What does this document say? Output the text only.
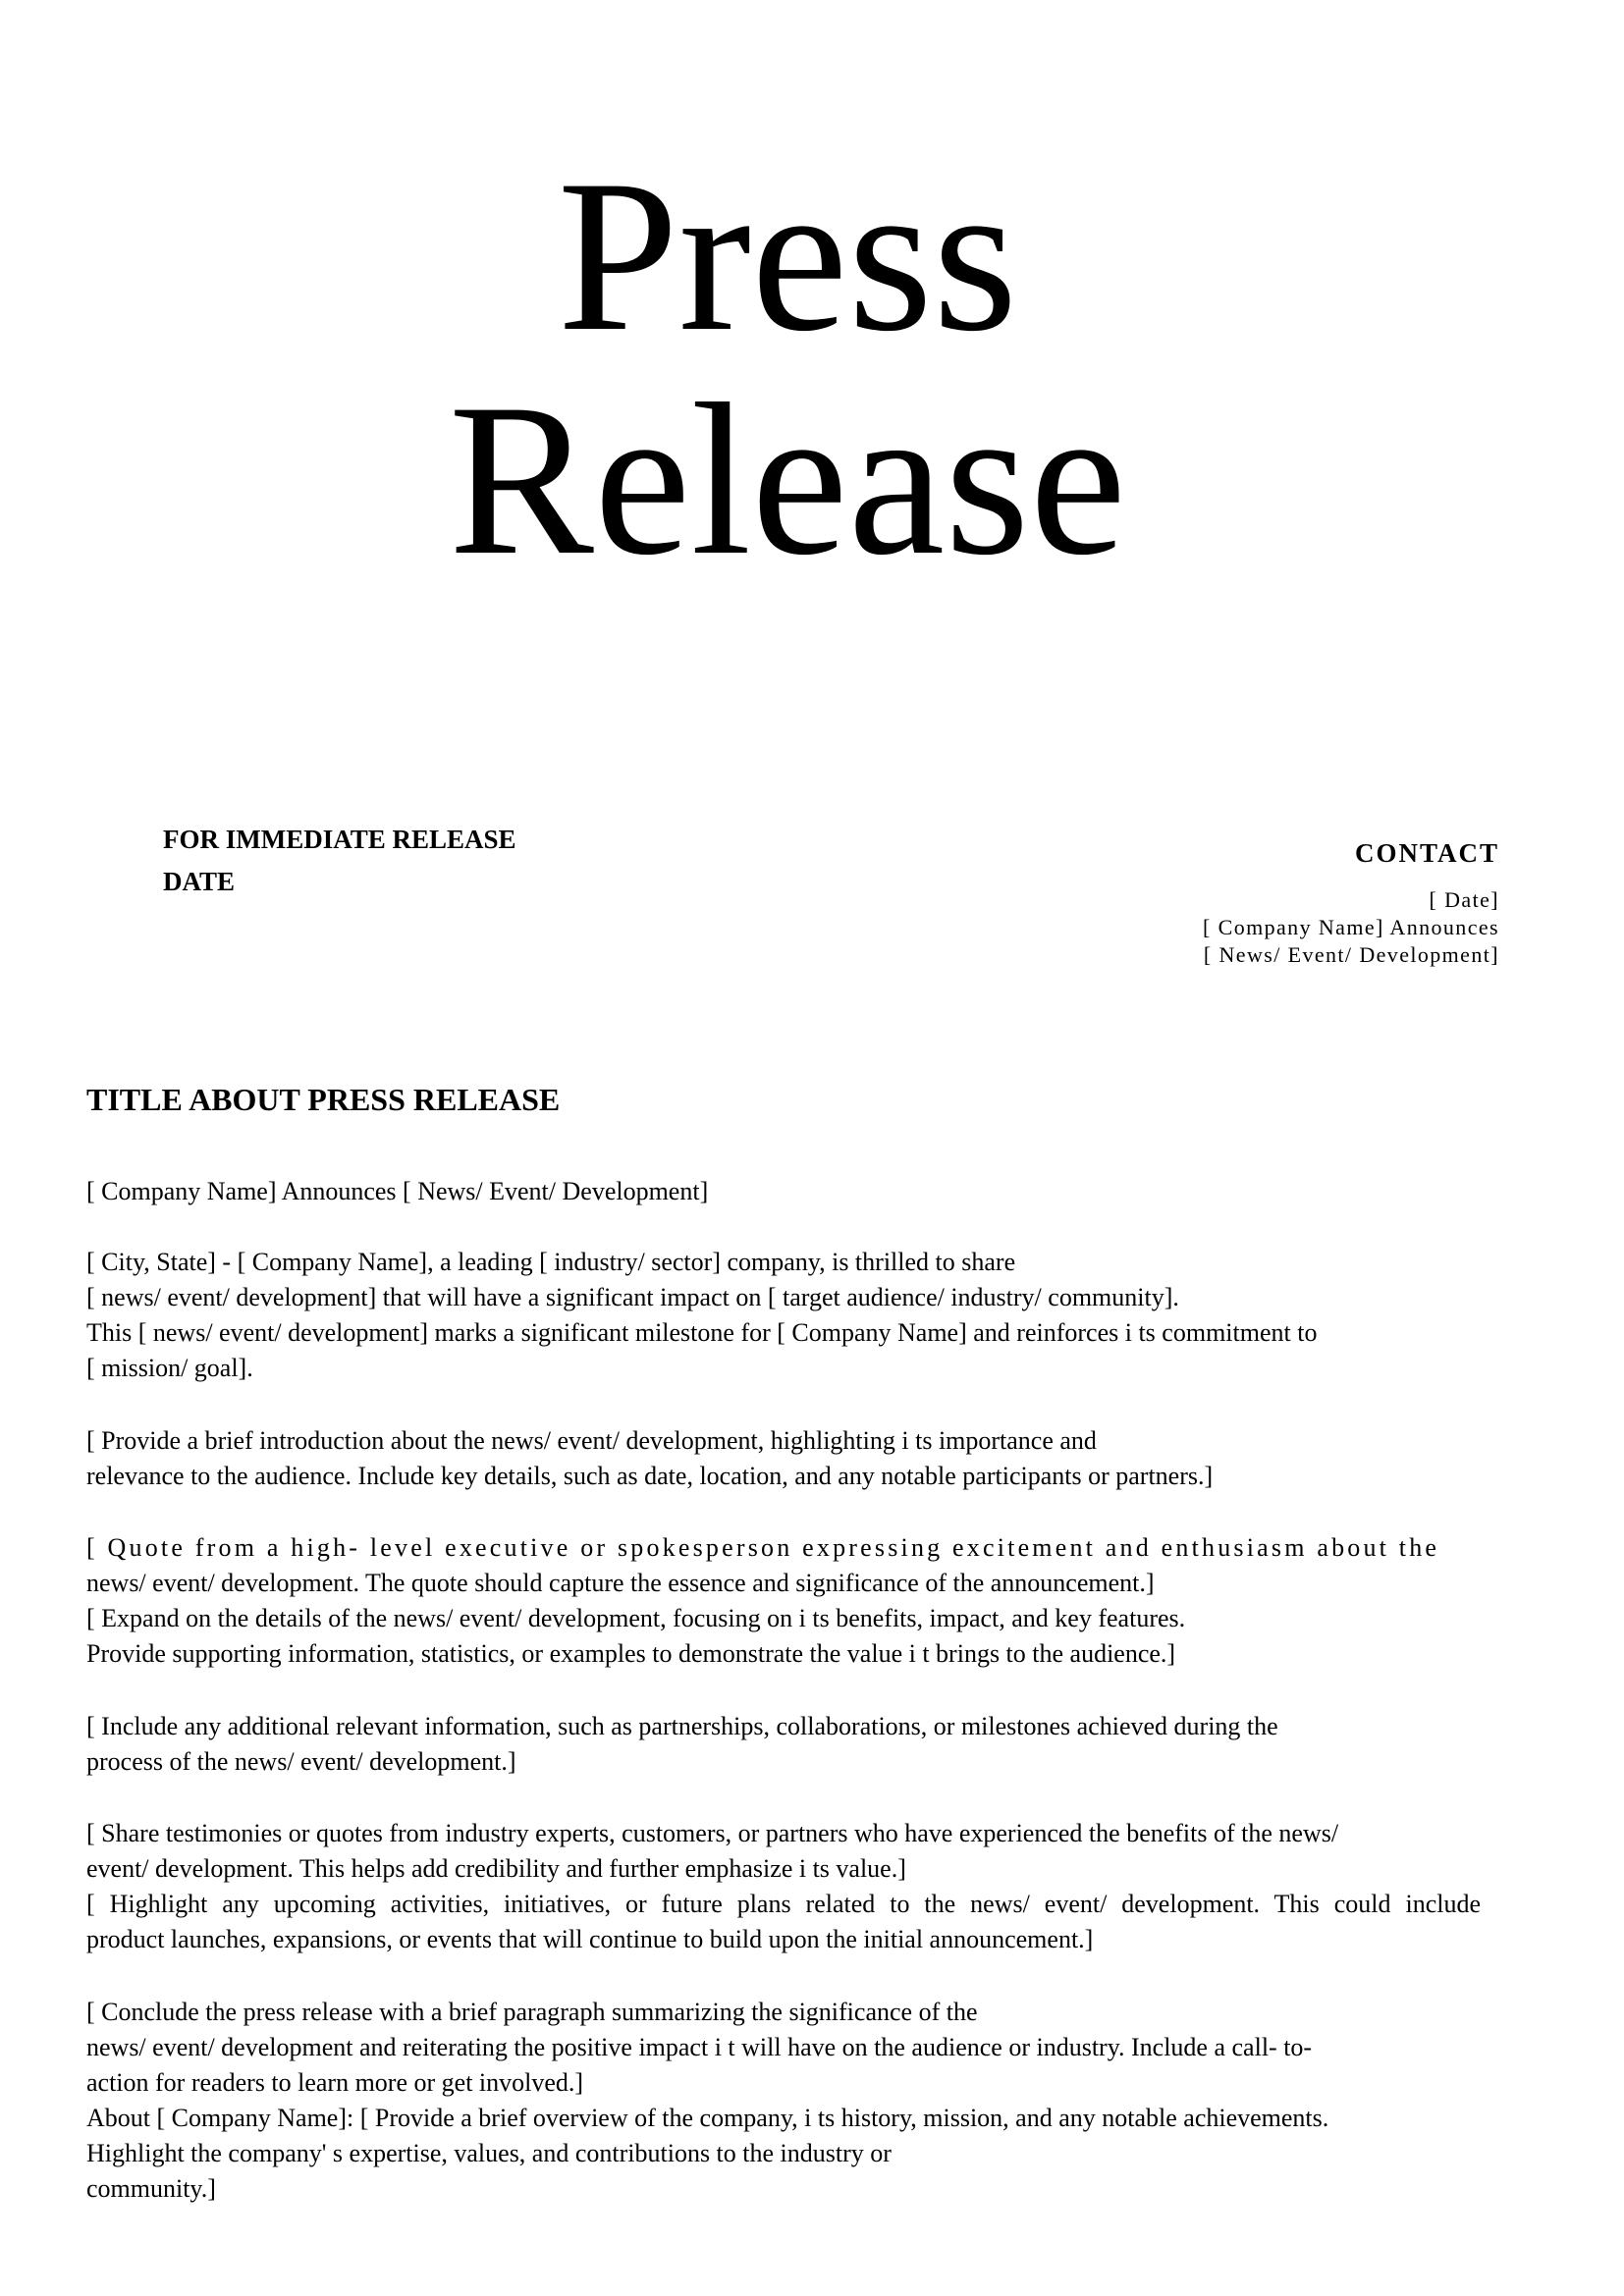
Press
Release
FOR IMMEDIATE RELEASE
DATE
CONTACT
[ Date]
[ Company Name] Announces
[ News/ Event/ Development]
TITLE ABOUT PRESS RELEASE
[ Company Name] Announces [ News/ Event/ Development]
[ City, State] - [ Company Name], a leading [ industry/ sector] company, is thrilled to share
[ news/ event/ development] that will have a significant impact on [ target audience/ industry/ community].
This [ news/ event/ development] marks a significant milestone for [ Company Name] and reinforces i ts commitment to
[ mission/ goal].
[ Provide a brief introduction about the news/ event/ development, highlighting i ts importance and
relevance to the audience. Include key details, such as date, location, and any notable participants or partners.]
[ Quote from a high- level executive or spokesperson expressing excitement and enthusiasm about the
news/ event/ development. The quote should capture the essence and significance of the announcement.]
[ Expand on the details of the news/ event/ development, focusing on i ts benefits, impact, and key features.
Provide supporting information, statistics, or examples to demonstrate the value i t brings to the audience.]
[ Include any additional relevant information, such as partnerships, collaborations, or milestones achieved during the
process of the news/ event/ development.]
[ Share testimonies or quotes from industry experts, customers, or partners who have experienced the benefits of the news/
event/ development. This helps add credibility and further emphasize i ts value.]
[ Highlight any upcoming activities, initiatives, or future plans related to the news/ event/ development. This could include
product launches, expansions, or events that will continue to build upon the initial announcement.]
[ Conclude the press release with a brief paragraph summarizing the significance of the
news/ event/ development and reiterating the positive impact i t will have on the audience or industry. Include a call- to-
action for readers to learn more or get involved.]
About [ Company Name]: [ Provide a brief overview of the company, i ts history, mission, and any notable achievements.
Highlight the company' s expertise, values, and contributions to the industry or
community.]
